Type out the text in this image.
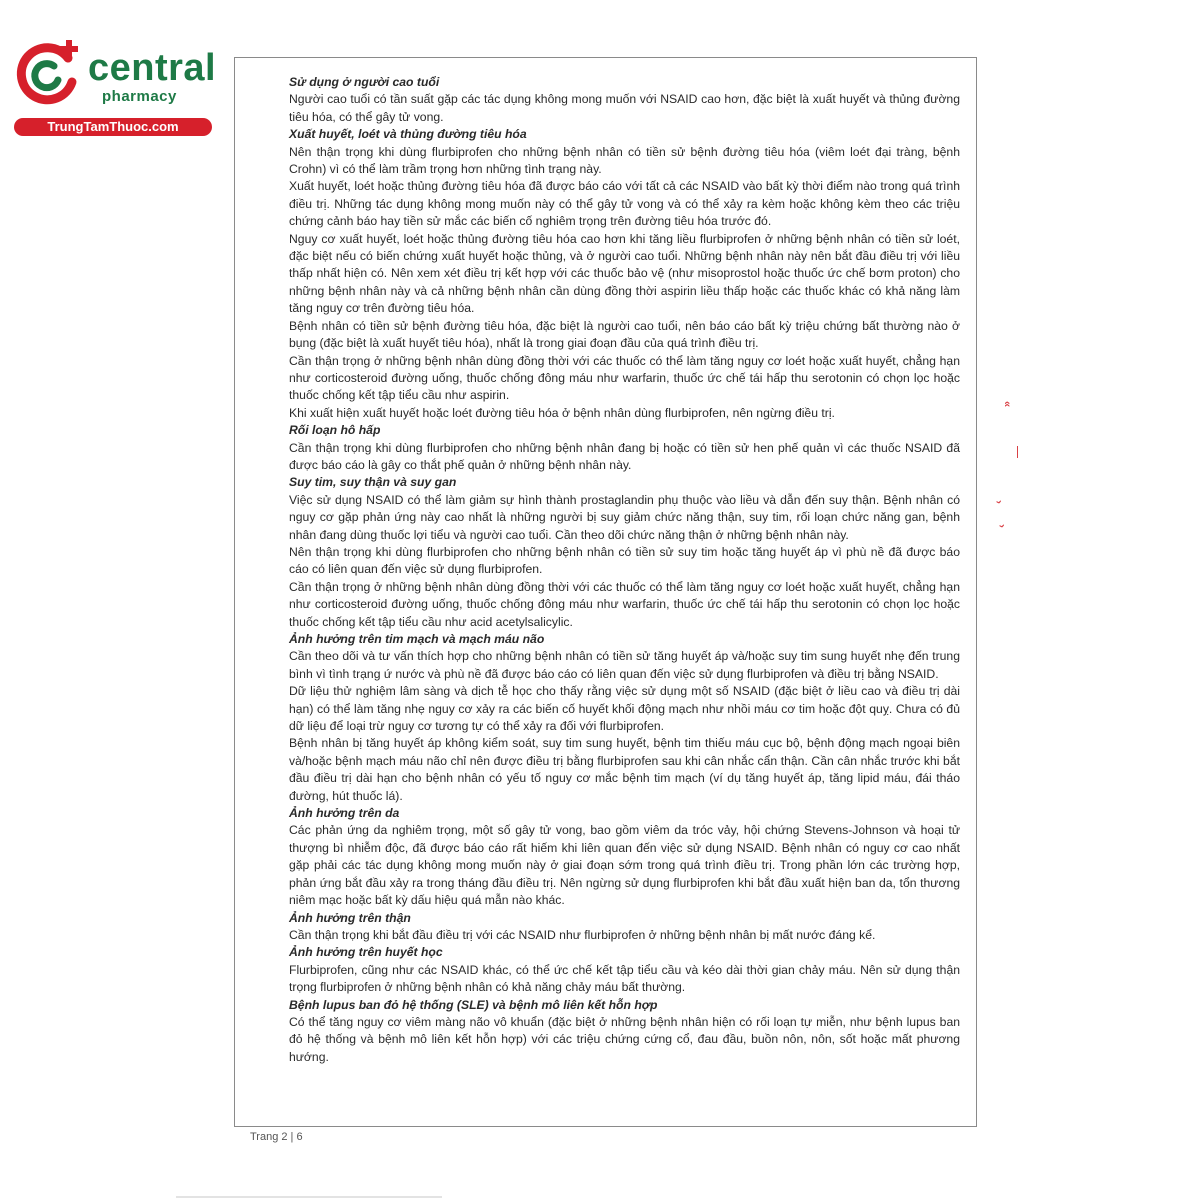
central
pharmacy
TrungTamThuoc.com

Sử dụng ở người cao tuổi

Người cao tuổi có tần suất gặp các tác dụng không mong muốn với NSAID cao hơn, đặc biệt là xuất huyết và thủng đường tiêu hóa, có thể gây tử vong.

Xuất huyết, loét và thủng đường tiêu hóa

Nên thận trọng khi dùng flurbiprofen cho những bệnh nhân có tiền sử bệnh đường tiêu hóa (viêm loét đại tràng, bệnh Crohn) vì có thể làm trầm trọng hơn những tình trạng này.

Xuất huyết, loét hoặc thủng đường tiêu hóa đã được báo cáo với tất cả các NSAID vào bất kỳ thời điểm nào trong quá trình điều trị. Những tác dụng không mong muốn này có thể gây tử vong và có thể xảy ra kèm hoặc không kèm theo các triệu chứng cảnh báo hay tiền sử mắc các biến cố nghiêm trọng trên đường tiêu hóa trước đó.

Nguy cơ xuất huyết, loét hoặc thủng đường tiêu hóa cao hơn khi tăng liều flurbiprofen ở những bệnh nhân có tiền sử loét, đặc biệt nếu có biến chứng xuất huyết hoặc thủng, và ở người cao tuổi. Những bệnh nhân này nên bắt đầu điều trị với liều thấp nhất hiện có. Nên xem xét điều trị kết hợp với các thuốc bảo vệ (như misoprostol hoặc thuốc ức chế bơm proton) cho những bệnh nhân này và cả những bệnh nhân cần dùng đồng thời aspirin liều thấp hoặc các thuốc khác có khả năng làm tăng nguy cơ trên đường tiêu hóa.

Bệnh nhân có tiền sử bệnh đường tiêu hóa, đặc biệt là người cao tuổi, nên báo cáo bất kỳ triệu chứng bất thường nào ở bụng (đặc biệt là xuất huyết tiêu hóa), nhất là trong giai đoạn đầu của quá trình điều trị.

Cần thận trọng ở những bệnh nhân dùng đồng thời với các thuốc có thể làm tăng nguy cơ loét hoặc xuất huyết, chẳng hạn như corticosteroid đường uống, thuốc chống đông máu như warfarin, thuốc ức chế tái hấp thu serotonin có chọn lọc hoặc thuốc chống kết tập tiểu cầu như aspirin.

Khi xuất hiện xuất huyết hoặc loét đường tiêu hóa ở bệnh nhân dùng flurbiprofen, nên ngừng điều trị.

Rối loạn hô hấp

Cần thận trọng khi dùng flurbiprofen cho những bệnh nhân đang bị hoặc có tiền sử hen phế quản vì các thuốc NSAID đã được báo cáo là gây co thắt phế quản ở những bệnh nhân này.

Suy tim, suy thận và suy gan

Việc sử dụng NSAID có thể làm giảm sự hình thành prostaglandin phụ thuộc vào liều và dẫn đến suy thận. Bệnh nhân có nguy cơ gặp phản ứng này cao nhất là những người bị suy giảm chức năng thận, suy tim, rối loạn chức năng gan, bệnh nhân đang dùng thuốc lợi tiểu và người cao tuổi. Cần theo dõi chức năng thận ở những bệnh nhân này.

Nên thận trọng khi dùng flurbiprofen cho những bệnh nhân có tiền sử suy tim hoặc tăng huyết áp vì phù nề đã được báo cáo có liên quan đến việc sử dụng flurbiprofen.

Cần thận trọng ở những bệnh nhân dùng đồng thời với các thuốc có thể làm tăng nguy cơ loét hoặc xuất huyết, chẳng hạn như corticosteroid đường uống, thuốc chống đông máu như warfarin, thuốc ức chế tái hấp thu serotonin có chọn lọc hoặc thuốc chống kết tập tiểu cầu như acid acetylsalicylic.

Ảnh hưởng trên tim mạch và mạch máu não

Cần theo dõi và tư vấn thích hợp cho những bệnh nhân có tiền sử tăng huyết áp và/hoặc suy tim sung huyết nhẹ đến trung bình vì tình trạng ứ nước và phù nề đã được báo cáo có liên quan đến việc sử dụng flurbiprofen và điều trị bằng NSAID.

Dữ liệu thử nghiệm lâm sàng và dịch tễ học cho thấy rằng việc sử dụng một số NSAID (đặc biệt ở liều cao và điều trị dài hạn) có thể làm tăng nhẹ nguy cơ xảy ra các biến cố huyết khối động mạch như nhồi máu cơ tim hoặc đột quỵ. Chưa có đủ dữ liệu để loại trừ nguy cơ tương tự có thể xảy ra đối với flurbiprofen.

Bệnh nhân bị tăng huyết áp không kiểm soát, suy tim sung huyết, bệnh tim thiếu máu cục bộ, bệnh động mạch ngoại biên và/hoặc bệnh mạch máu não chỉ nên được điều trị bằng flurbiprofen sau khi cân nhắc cẩn thận. Cần cân nhắc trước khi bắt đầu điều trị dài hạn cho bệnh nhân có yếu tố nguy cơ mắc bệnh tim mạch (ví dụ tăng huyết áp, tăng lipid máu, đái tháo đường, hút thuốc lá).

Ảnh hưởng trên da

Các phản ứng da nghiêm trọng, một số gây tử vong, bao gồm viêm da tróc vảy, hội chứng Stevens-Johnson và hoại tử thượng bì nhiễm độc, đã được báo cáo rất hiếm khi liên quan đến việc sử dụng NSAID. Bệnh nhân có nguy cơ cao nhất gặp phải các tác dụng không mong muốn này ở giai đoạn sớm trong quá trình điều trị. Trong phần lớn các trường hợp, phản ứng bắt đầu xảy ra trong tháng đầu điều trị. Nên ngừng sử dụng flurbiprofen khi bắt đầu xuất hiện ban da, tổn thương niêm mạc hoặc bất kỳ dấu hiệu quá mẫn nào khác.

Ảnh hưởng trên thận

Cần thận trọng khi bắt đầu điều trị với các NSAID như flurbiprofen ở những bệnh nhân bị mất nước đáng kể.

Ảnh hưởng trên huyết học

Flurbiprofen, cũng như các NSAID khác, có thể ức chế kết tập tiểu cầu và kéo dài thời gian chảy máu. Nên sử dụng thận trọng flurbiprofen ở những bệnh nhân có khả năng chảy máu bất thường.

Bệnh lupus ban đỏ hệ thống (SLE) và bệnh mô liên kết hỗn hợp

Có thể tăng nguy cơ viêm màng não vô khuẩn (đặc biệt ở những bệnh nhân hiện có rối loạn tự miễn, như bệnh lupus ban đỏ hệ thống và bệnh mô liên kết hỗn hợp) với các triệu chứng cứng cổ, đau đầu, buồn nôn, nôn, sốt hoặc mất phương hướng.

Trang 2 | 6
«
›
›
